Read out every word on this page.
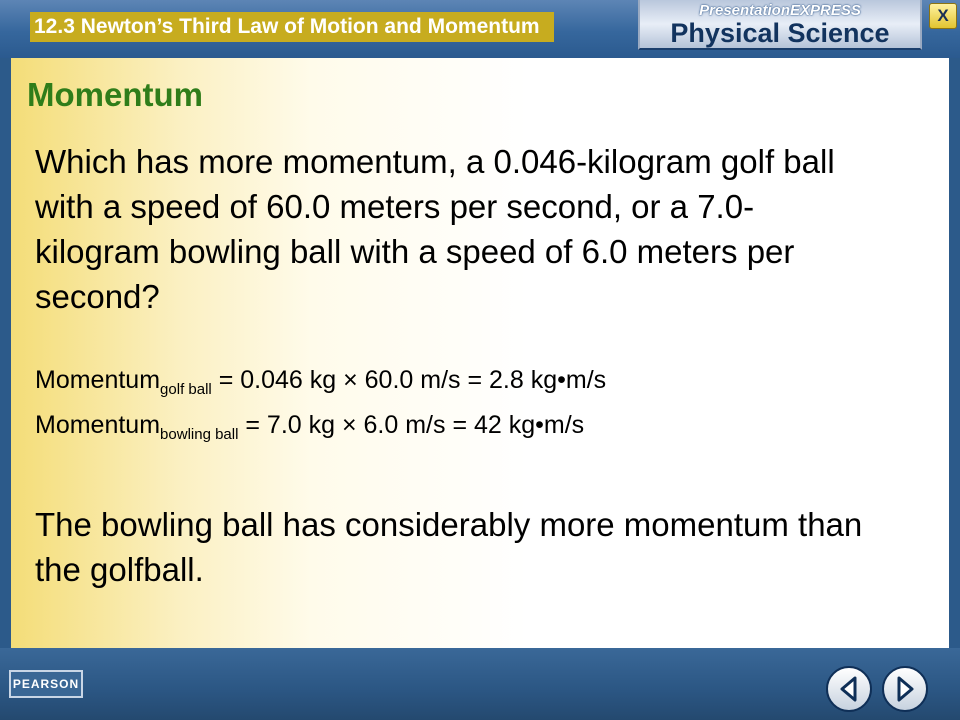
12.3 Newton’s Third Law of Motion and Momentum
PresentationEXPRESS
Physical Science
X
Momentum

Which has more momentum, a 0.046-kilogram golf ball with a speed of 60.0 meters per second, or a 7.0-kilogram bowling ball with a speed of 6.0 meters per second?

Momentum$_{golf ball}$ = 0.046 kg × 60.0 m/s = 2.8 kg•m/s

Momentum$_{bowling ball}$ = 7.0 kg × 6.0 m/s = 42 kg•m/s

The bowling ball has considerably more momentum than the golfball.

PEARSON
